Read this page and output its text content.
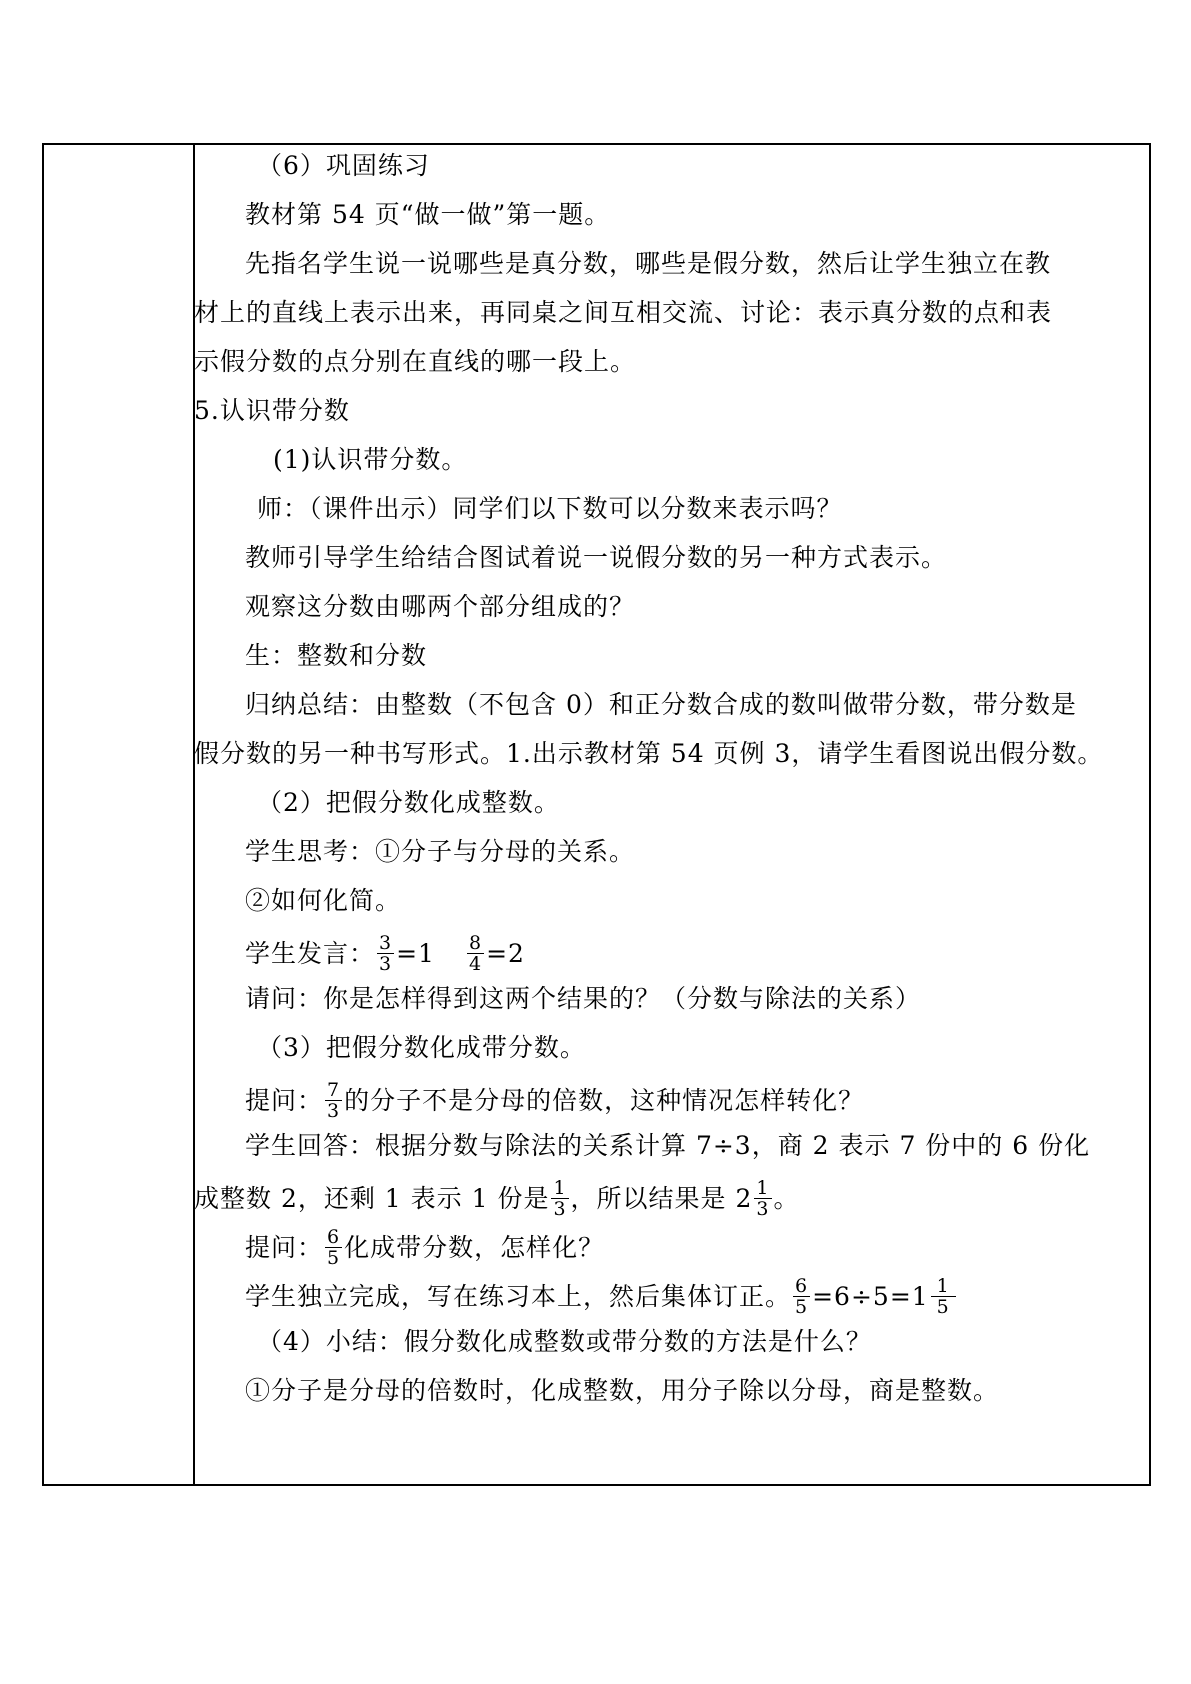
（6）巩固练习
教材第 54 页“做一做”第一题。
先指名学生说一说哪些是真分数，哪些是假分数，然后让学生独立在教
材上的直线上表示出来，再同桌之间互相交流、讨论：表示真分数的点和表
示假分数的点分别在直线的哪一段上。
5.认识带分数
(1)认识带分数。
师：（课件出示）同学们以下数可以分数来表示吗？
教师引导学生给结合图试着说一说假分数的另一种方式表示。
观察这分数由哪两个部分组成的？
生：整数和分数
归纳总结：由整数（不包含 0）和正分数合成的数叫做带分数，带分数是
假分数的另一种书写形式。1.出示教材第 54 页例 3，请学生看图说出假分数。
（2）把假分数化成整数。
学生思考：①分子与分母的关系。
②如何化简。
学生发言： $\frac{3}{3} =1 \frac{8}{4} =2$
请问：你是怎样得到这两个结果的？（分数与除法的关系）
（3）把假分数化成带分数。
提问： $\frac{7}{3}$ 的分子不是分母的倍数，这种情况怎样转化？
学生回答：根据分数与除法的关系计算 7÷3，商 2 表示 7 份中的 6 份化
成整数 2，还剩 1 表示 1 份是 $\frac{1}{3}$ ，所以结果是 $2 \frac{1}{3}$ 。
提问： $\frac{6}{5}$ 化成带分数，怎样化？
学生独立完成，写在练习本上，然后集体订正。 $\frac{6}{5} =6\div 5=1 \frac{1}{5}$
（4）小结：假分数化成整数或带分数的方法是什么？
①分子是分母的倍数时，化成整数，用分子除以分母，商是整数。
